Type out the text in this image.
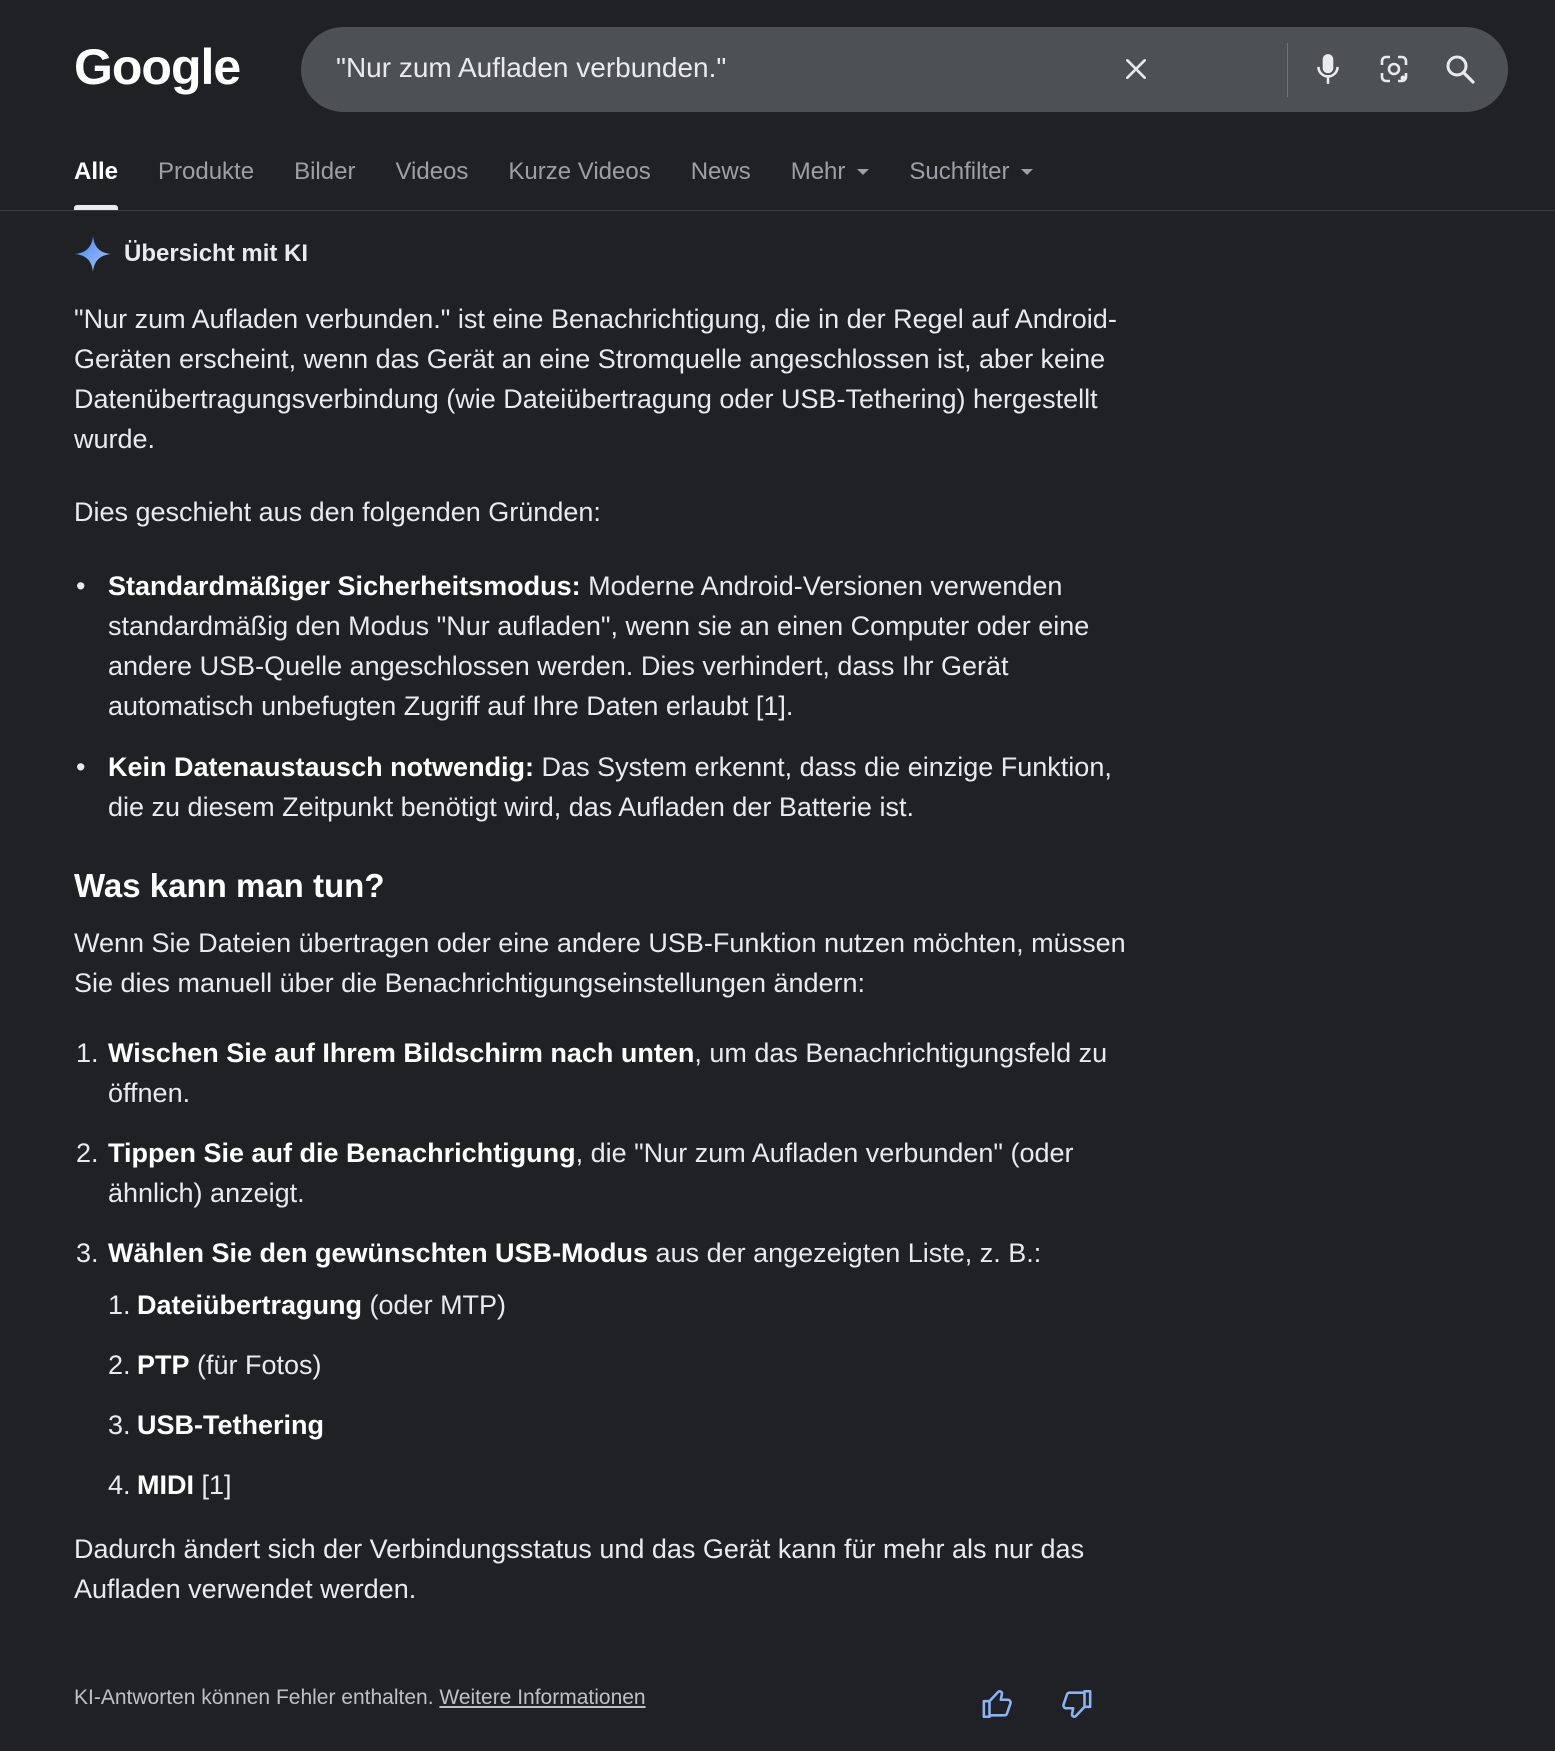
Google	"Nur zum Aufladen verbunden."
Alle Produkte Bilder Videos Kurze Videos News Mehr	Suchfilter
Übersicht mit KI

"Nur zum Aufladen verbunden." ist eine Benachrichtigung, die in der Regel auf Android-Geräten erscheint, wenn das Gerät an eine Stromquelle angeschlossen ist, aber keine Datenübertragungsverbindung (wie Dateiübertragung oder USB-Tethering) hergestellt wurde.

Dies geschieht aus den folgenden Gründen:

• Standardmäßiger Sicherheitsmodus: Moderne Android-Versionen verwenden standardmäßig den Modus "Nur aufladen", wenn sie an einen Computer oder eine andere USB-Quelle angeschlossen werden. Dies verhindert, dass Ihr Gerät automatisch unbefugten Zugriff auf Ihre Daten erlaubt [1].
• Kein Datenaustausch notwendig: Das System erkennt, dass die einzige Funktion, die zu diesem Zeitpunkt benötigt wird, das Aufladen der Batterie ist.
Was kann man tun?

Wenn Sie Dateien übertragen oder eine andere USB-Funktion nutzen möchten, müssen Sie dies manuell über die Benachrichtigungseinstellungen ändern:

1. Wischen Sie auf Ihrem Bildschirm nach unten, um das Benachrichtigungsfeld zu öffnen.
2. Tippen Sie auf die Benachrichtigung, die "Nur zum Aufladen verbunden" (oder ähnlich) anzeigt.
3. Wählen Sie den gewünschten USB-Modus aus der angezeigten Liste, z. B.:
1. Dateiübertragung (oder MTP)
2. PTP (für Fotos)
3. USB-Tethering
4. MIDI [1]

Dadurch ändert sich der Verbindungsstatus und das Gerät kann für mehr als nur das Aufladen verwendet werden.

KI-Antworten können Fehler enthalten. Weitere Informationen
